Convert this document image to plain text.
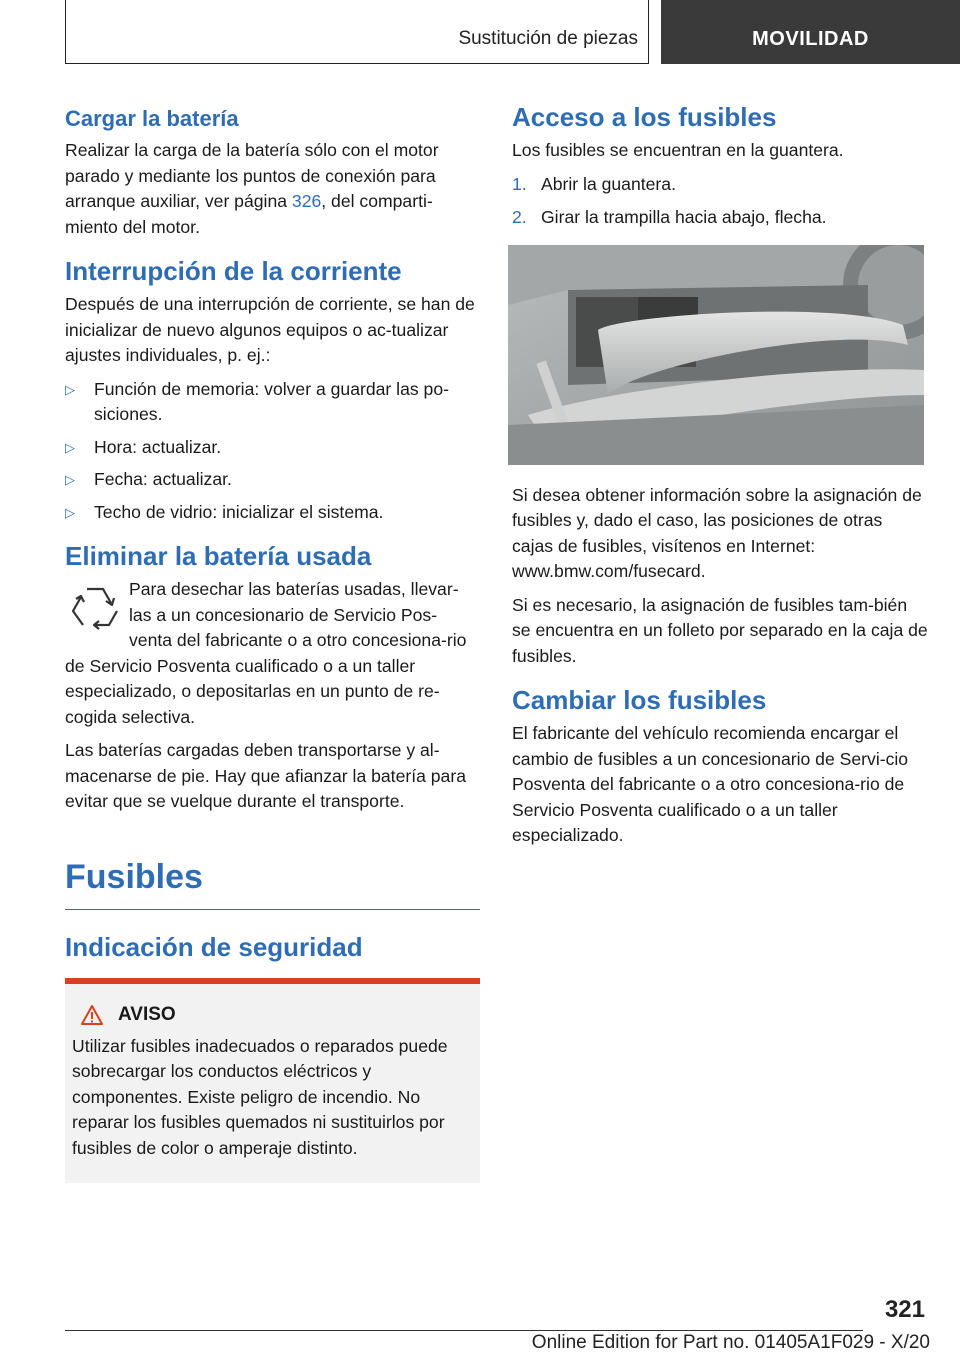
Sustitución de piezas	MOVILIDAD
Cargar la batería

Realizar la carga de la batería sólo con el motor parado y mediante los puntos de conexión para arranque auxiliar, ver página 326, del comparti-miento del motor.

Interrupción de la corriente

Después de una interrupción de corriente, se han de inicializar de nuevo algunos equipos o ac-tualizar ajustes individuales, p. ej.:

▷ Función de memoria: volver a guardar las po-siciones.
▷ Hora: actualizar.
▷ Fecha: actualizar.
▷ Techo de vidrio: inicializar el sistema.
Eliminar la batería usada

Para desechar las baterías usadas, llevar-las a un concesionario de Servicio Pos-venta del fabricante o a otro concesiona-rio de Servicio Posventa cualificado o a un taller especializado, o depositarlas en un punto de re-cogida selectiva.

Las baterías cargadas deben transportarse y al-macenarse de pie. Hay que afianzar la batería para evitar que se vuelque durante el transporte.

Fusibles
Indicación de seguridad
AVISO

Utilizar fusibles inadecuados o reparados puede sobrecargar los conductos eléctricos y componentes. Existe peligro de incendio. No reparar los fusibles quemados ni sustituirlos por fusibles de color o amperaje distinto.

Acceso a los fusibles

Los fusibles se encuentran en la guantera.

1. Abrir la guantera.
2. Girar la trampilla hacia abajo, flecha.

Si desea obtener información sobre la asignación de fusibles y, dado el caso, las posiciones de otras cajas de fusibles, visítenos en Internet: www.bmw.com/fusecard.

Si es necesario, la asignación de fusibles tam-bién se encuentra en un folleto por separado en la caja de fusibles.

Cambiar los fusibles

El fabricante del vehículo recomienda encargar el cambio de fusibles a un concesionario de Servi-cio Posventa del fabricante o a otro concesiona-rio de Servicio Posventa cualificado o a un taller especializado.

321
Online Edition for Part no. 01405A1F029 - X/20
